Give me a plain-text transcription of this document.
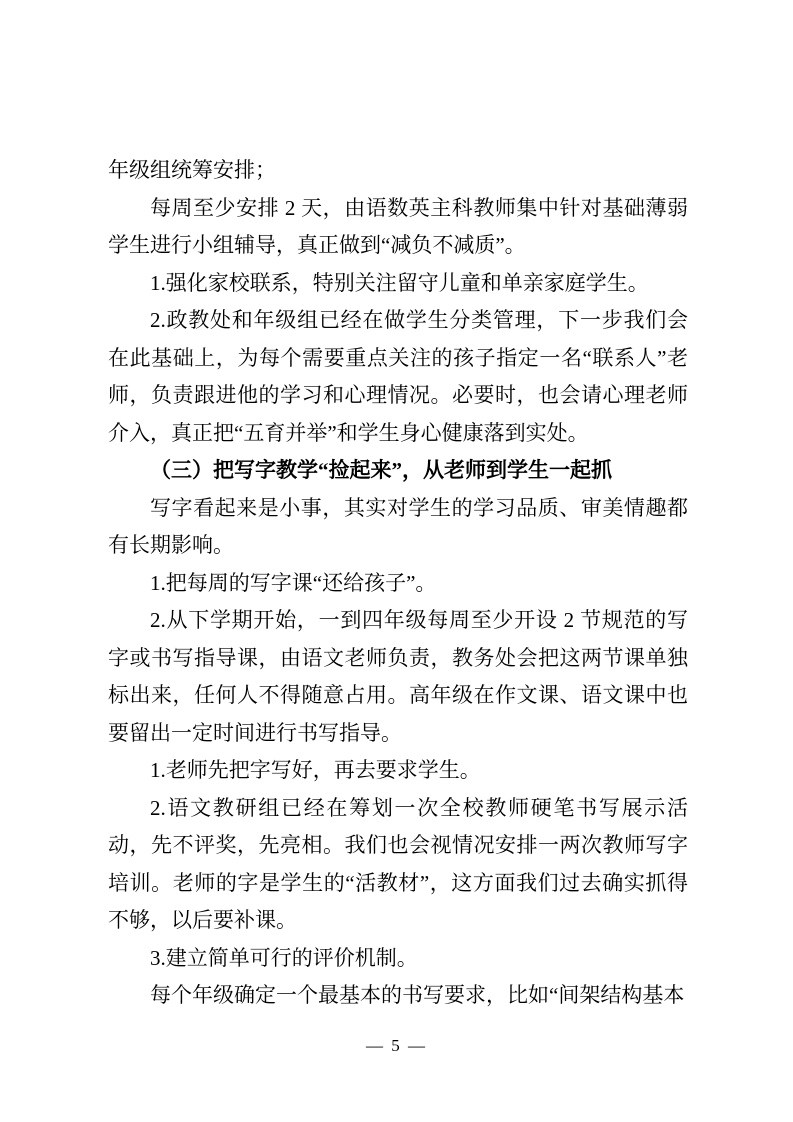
年级组统筹安排；

每周至少安排 2 天，由语数英主科教师集中针对基础薄弱学生进行小组辅导，真正做到“减负不减质”。

1.强化家校联系，特别关注留守儿童和单亲家庭学生。

2.政教处和年级组已经在做学生分类管理，下一步我们会在此基础上，为每个需要重点关注的孩子指定一名“联系人”老师，负责跟进他的学习和心理情况。必要时，也会请心理老师介入，真正把“五育并举”和学生身心健康落到实处。

（三）把写字教学“捡起来”，从老师到学生一起抓

写字看起来是小事，其实对学生的学习品质、审美情趣都有长期影响。

1.把每周的写字课“还给孩子”。

2.从下学期开始，一到四年级每周至少开设 2 节规范的写字或书写指导课，由语文老师负责，教务处会把这两节课单独标出来，任何人不得随意占用。高年级在作文课、语文课中也要留出一定时间进行书写指导。

1.老师先把字写好，再去要求学生。

2.语文教研组已经在筹划一次全校教师硬笔书写展示活动，先不评奖，先亮相。我们也会视情况安排一两次教师写字培训。老师的字是学生的“活教材”，这方面我们过去确实抓得不够，以后要补课。

3.建立简单可行的评价机制。

每个年级确定一个最基本的书写要求，比如“间架结构基本

— 5 —
